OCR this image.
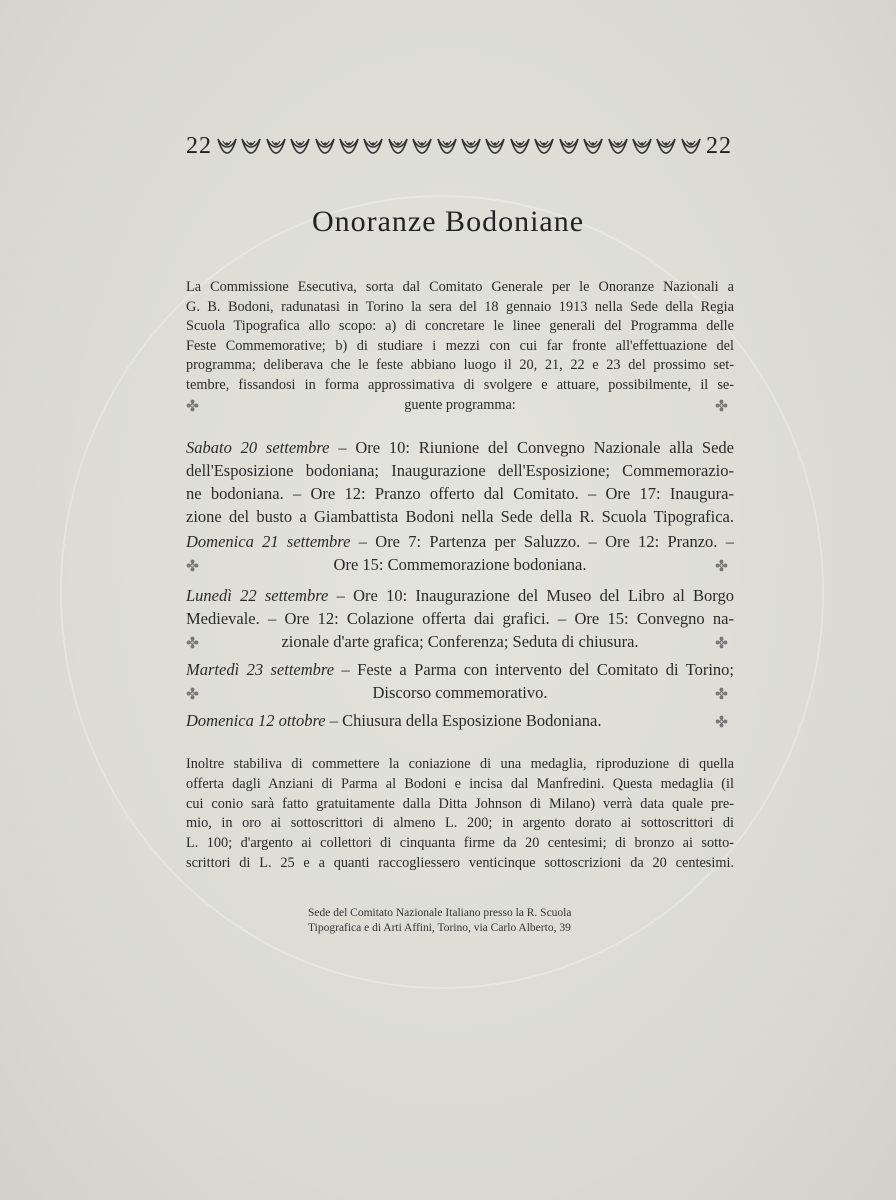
22	22
Onoranze Bodoniane
La Commissione Esecutiva, sorta dal Comitato Generale per le Onoranze Nazionali a
G. B. Bodoni, radunatasi in Torino la sera del 18 gennaio 1913 nella Sede della Regia
Scuola Tipografica allo scopo: a) di concretare le linee generali del Programma delle
Feste Commemorative; b) di studiare i mezzi con cui far fronte all'effettuazione del
programma; deliberava che le feste abbiano luogo il 20, 21, 22 e 23 del prossimo set-
tembre, fissandosi in forma approssimativa di svolgere e attuare, possibilmente, il se-
guente programma:
Sabato 20 settembre – Ore 10: Riunione del Convegno Nazionale alla Sede
dell'Esposizione bodoniana; Inaugurazione dell'Esposizione; Commemorazio-
ne bodoniana. – Ore 12: Pranzo offerto dal Comitato. – Ore 17: Inaugura-
zione del busto a Giambattista Bodoni nella Sede della R. Scuola Tipografica.
Domenica 21 settembre – Ore 7: Partenza per Saluzzo. – Ore 12: Pranzo. –
Ore 15: Commemorazione bodoniana.
Lunedì 22 settembre – Ore 10: Inaugurazione del Museo del Libro al Borgo
Medievale. – Ore 12: Colazione offerta dai grafici. – Ore 15: Convegno na-
zionale d'arte grafica; Conferenza; Seduta di chiusura.
Martedì 23 settembre – Feste a Parma con intervento del Comitato di Torino;
Discorso commemorativo.
Domenica 12 ottobre – Chiusura della Esposizione Bodoniana.
Inoltre stabiliva di commettere la coniazione di una medaglia, riproduzione di quella
offerta dagli Anziani di Parma al Bodoni e incisa dal Manfredini. Questa medaglia (il
cui conio sarà fatto gratuitamente dalla Ditta Johnson di Milano) verrà data quale pre-
mio, in oro ai sottoscrittori di almeno L. 200; in argento dorato ai sottoscrittori di
L. 100; d'argento ai collettori di cinquanta firme da 20 centesimi; di bronzo ai sotto-
scrittori di L. 25 e a quanti raccogliessero venticinque sottoscrizioni da 20 centesimi.
Sede del Comitato Nazionale Italiano presso la R. Scuola
Tipografica e di Arti Affini, Torino, via Carlo Alberto, 39
